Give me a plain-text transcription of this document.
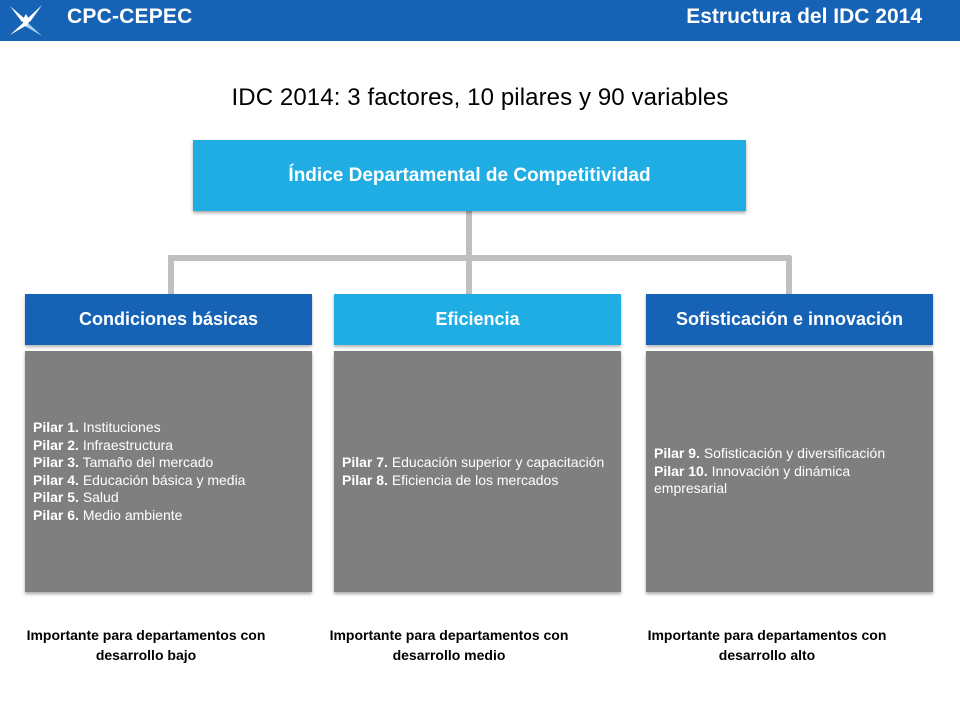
CPC-CEPEC	Estructura del IDC 2014
IDC 2014: 3 factores, 10 pilares y 90 variables
Índice Departamental de Competitividad
Condiciones básicas	Eficiencia	Sofisticación e innovación
Pilar 1. Instituciones
Pilar 2. Infraestructura
Pilar 3. Tamaño del mercado
Pilar 4. Educación básica y media
Pilar 5. Salud
Pilar 6. Medio ambiente
Pilar 7. Educación superior y capacitación
Pilar 8. Eficiencia de los mercados
Pilar 9. Sofisticación y diversificación
Pilar 10. Innovación y dinámica empresarial
Importante para departamentos con desarrollo bajo
Importante para departamentos con desarrollo medio
Importante para departamentos con desarrollo alto
